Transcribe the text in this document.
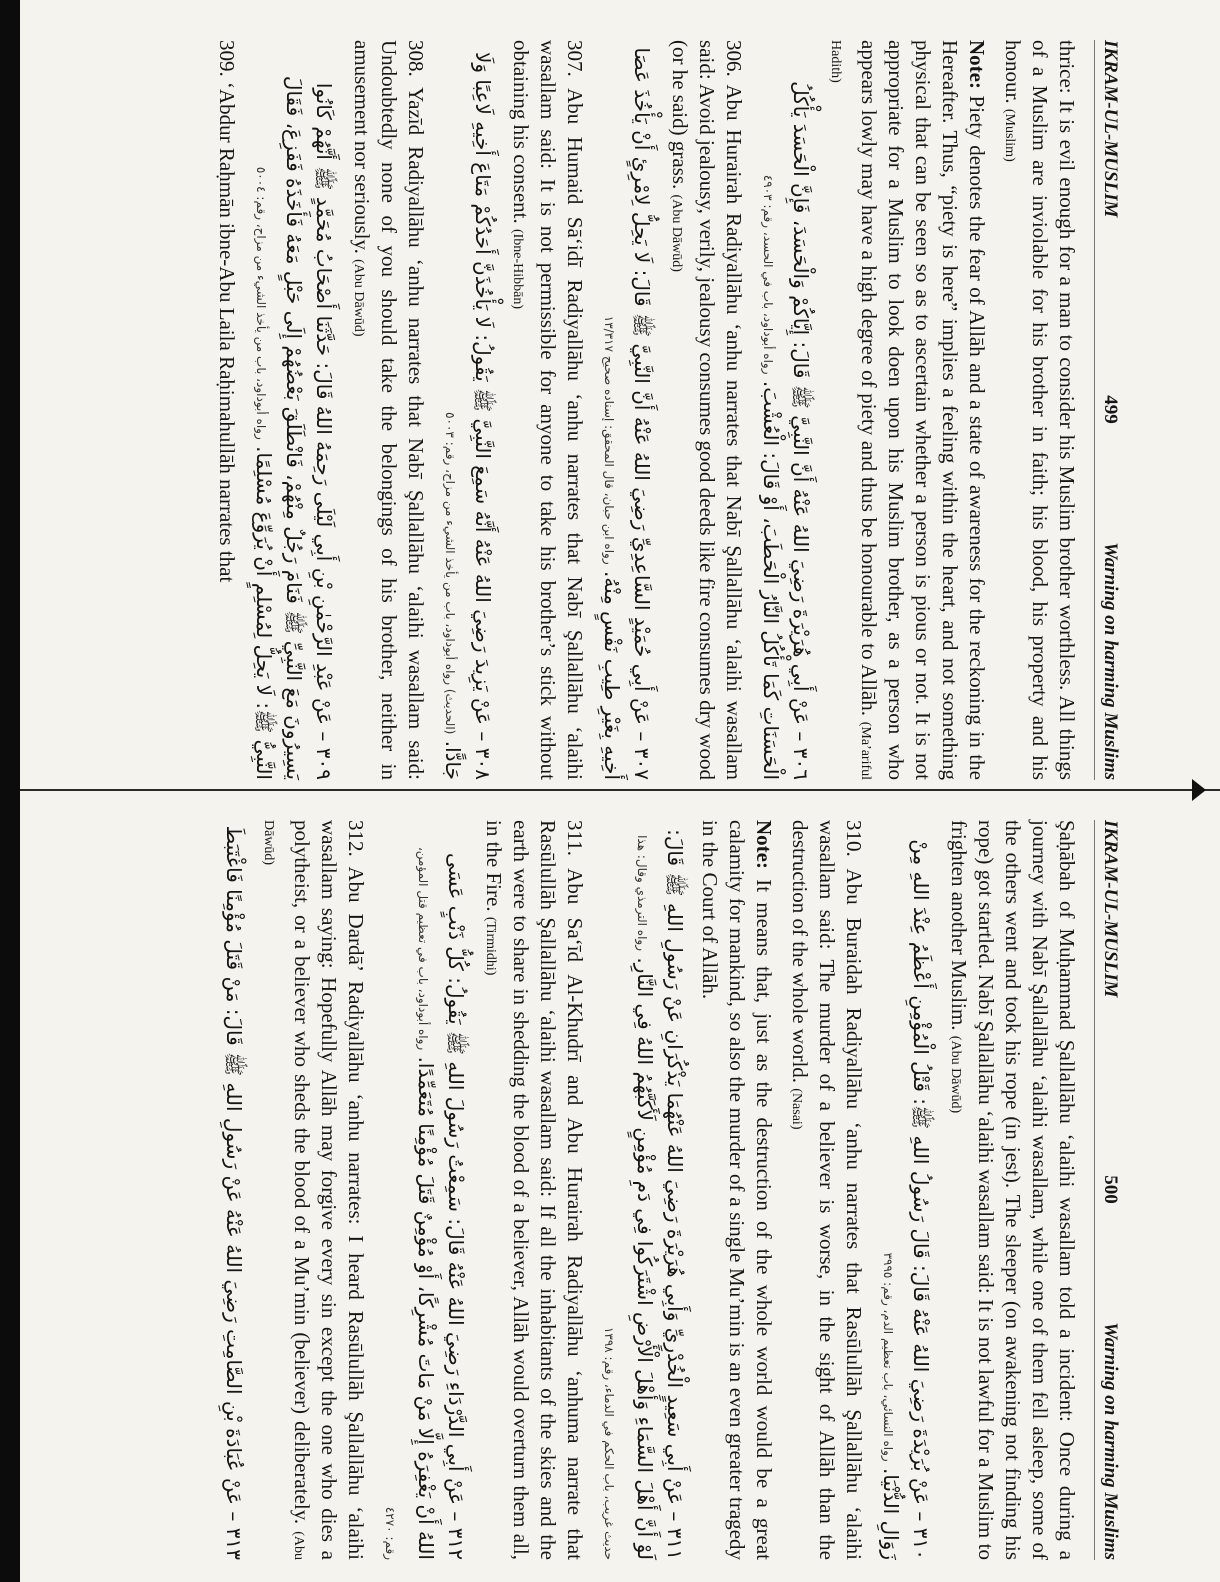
IKRAM-UL-MUSLIM
499
Warning on harming Muslims
thrice: It is evil enough for a man to consider his Muslim brother worthless. All things of a Muslim are inviolable for his brother in faith; his blood, his property and his honour. (Muslim)
Note: Piety denotes the fear of Allāh and a state of awareness for the reckoning in the Hereafter. Thus, “piety is here” implies a feeling within the heart, and not something physical that can be seen so as to ascertain whether a person is pious or not. It is not appropriate for a Muslim to look doen upon his Muslim brother, as a person who appears lowly may have a high degree of piety and thus be honourable to Allāh. (Ma’ariful Hadith)
٣٠٦ – عَنْ أَبِي هُرَيْرَةَ رَضِيَ اللهُ عَنْهُ أَنَّ النَّبِيَّ ﷺ قَالَ: إِيَّاكُمْ وَالْحَسَدَ، فَإِنَّ الْحَسَدَ يَأْكُلُ الْحَسَنَاتِ كَمَا تَأْكُلُ النَّارُ الْحَطَبَ، أَوْ قَالَ: الْعُشْبَ. رواه أبوداود، باب في الحسد، رقم: ٤٩٠٣
306. Abu Hurairah Radiyallāhu ‘anhu narrates that Nabī Şallallāhu ‘alaihi wasallam said: Avoid jealousy, verily, jealousy consumes good deeds like fire consumes dry wood (or he said) grass. (Abu Dāwūd)
٣٠٧ – عَنْ أَبِي حُمَيْدٍ السَّاعِدِيِّ رَضِيَ اللهُ عَنْهُ أَنَّ النَّبِيَّ ﷺ قَالَ: لَا يَحِلُّ لِامْرِئٍ أَنْ يَأْخُذَ عَصَا أَخِيهِ بِغَيْرِ طِيبِ نَفْسٍ مِنْهُ. رواه ابن حبان، قال المحقق: إسناده صحيح ١٣/٣١٧
307. Abu Humaid Sā‘idī Radiyallāhu ‘anhu narrates that Nabī Şallallāhu ‘alaihi wasallam said: It is not permissible for anyone to take his brother’s stick without obtaining his consent. (Ibne-Hibbān)
٣٠٨ – عَنْ يَزِيدَ رَضِيَ اللهُ عَنْهُ أَنَّهُ سَمِعَ النَّبِيَّ ﷺ يَقُولُ: لَا يَأْخُذَنَّ أَحَدُكُمْ مَتَاعَ أَخِيهِ لَاعِبًا وَلَا جَادًّا. (الحديث) رواه أبوداود، باب من يأخذ الشيء من مزاح، رقم: ٥٠٠٣
308. Yazīd Radiyallāhu ‘anhu narrates that Nabī Şallallāhu ‘alaihi wasallam said: Undoubtedly none of you should take the belongings of his brother, neither in amusement nor seriously. (Abu Dāwūd)
٣٠٩ – عَنْ عَبْدِ الرَّحْمٰنِ بْنِ أَبِي لَيْلَى رَحِمَهُ اللهُ قَالَ: حَدَّثَنَا أَصْحَابُ مُحَمَّدٍ ﷺ أَنَّهُمْ كَانُوا يَسِيرُونَ مَعَ النَّبِيِّ ﷺ فَنَامَ رَجُلٌ مِنْهُمْ، فَانْطَلَقَ بَعْضُهُمْ إِلَى حَبْلٍ مَعَهُ فَأَخَذَهُ فَفَزِعَ، فَقَالَ النَّبِيُّ ﷺ: لَا يَحِلُّ لِمُسْلِمٍ أَنْ يُرَوِّعَ مُسْلِمًا. رواه أبوداود، باب من يأخذ الشيء من مزاح، رقم: ٥٠٠٤
309. ‘Abdur Raḥmān ibne-Abu Laila Raḥimahullāh narrates that
IKRAM-UL-MUSLIM
500
Warning on harming Muslims
Şaḥābah of Muḥammad Şallallāhu ‘alaihi wasallam told a incident: Once during a journey with Nabī Şallallāhu ‘alaihi wasallam, while one of them fell asleep, some of the others went and took his rope (in jest). The sleeper (on awakening not finding his rope) got startled. Nabī Şallallāhu ‘alaihi wasallam said: It is not lawful for a Muslim to frighten another Muslim. (Abu Dāwūd)
٣١٠ – عَنْ بُرَيْدَةَ رَضِيَ اللهُ عَنْهُ قَالَ: قَالَ رَسُولُ اللهِ ﷺ: قَتْلُ الْمُؤْمِنِ أَعْظَمُ عِنْدَ اللهِ مِنْ زَوَالِ الدُّنْيَا. رواه النسائي، باب تعظيم الدم، رقم: ٣٩٩٥
310. Abu Buraidah Radiyallāhu ‘anhu narrates that Rasūlullāh Şallallāhu ‘alaihi wasallam said: The murder of a believer is worse, in the sight of Allāh than the destruction of the whole world. (Nasai)
Note: It means that, just as the destruction of the whole world would be a great calamity for mankind, so also the murder of a single Mu’min is an even greater tragedy in the Court of Allāh.
٣١١ – عَنْ أَبِي سَعِيدٍ الْخُدْرِيِّ وَأَبِي هُرَيْرَةَ رَضِيَ اللهُ عَنْهُمَا يَذْكُرَانِ عَنْ رَسُولِ اللهِ ﷺ قَالَ: لَوْ أَنَّ أَهْلَ السَّمَاءِ وَأَهْلَ الْأَرْضِ اشْتَرَكُوا فِي دَمِ مُؤْمِنٍ لَأَكَبَّهُمُ اللهُ فِي النَّارِ. رواه الترمذي وقال: هذا حديث غريب، باب الحكم في الدماء، رقم: ١٣٩٨
311. Abu Sa‘īd Al-Khudrī and Abu Hurairah Radiyallāhu ‘anhuma narrate that Rasūlullāh Şallallāhu ‘alaihi wasallam said: If all the inhabitants of the skies and the earth were to share in shedding the blood of a believer, Allāh would overturn them all, in the Fire. (Tirmidhi)
٣١٢ – عَنْ أَبِي الدَّرْدَاءِ رَضِيَ اللهُ عَنْهُ قَالَ: سَمِعْتُ رَسُولَ اللهِ ﷺ يَقُولُ: كُلُّ ذَنْبٍ عَسَى اللهُ أَنْ يَغْفِرَهُ إِلَّا مَنْ مَاتَ مُشْرِكًا، أَوْ مُؤْمِنٌ قَتَلَ مُؤْمِنًا مُتَعَمِّدًا. رواه أبوداود، باب في تعظيم قتل المؤمن، رقم: ٤٢٧٠
312. Abu Dardā’ Radiyallāhu ‘anhu narrates: I heard Rasūlullāh Şallallāhu ‘alaihi wasallam saying: Hopefully Allāh may forgive every sin except the one who dies a polytheist, or a believer who sheds the blood of a Mu’min (believer) deliberately. (Abu Dāwūd)
٣١٣ – عَنْ عُبَادَةَ بْنِ الصَّامِتِ رَضِيَ اللهُ عَنْهُ عَنْ رَسُولِ اللهِ ﷺ قَالَ: مَنْ قَتَلَ مُؤْمِنًا فَاغْتَبَطَ
